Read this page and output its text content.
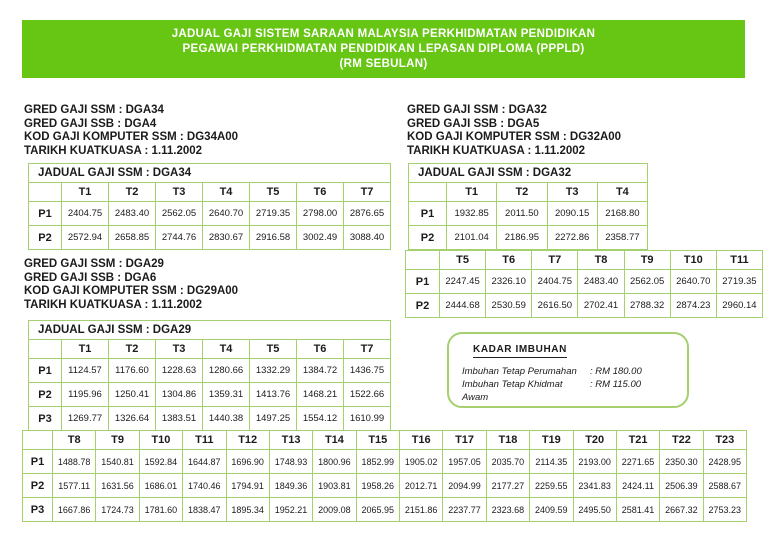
JADUAL GAJI SISTEM SARAAN MALAYSIA PERKHIDMATAN PENDIDIKAN
PEGAWAI PERKHIDMATAN PENDIDIKAN LEPASAN DIPLOMA (PPPLD)
(RM SEBULAN)
GRED GAJI SSM : DGA34
GRED GAJI SSB : DGA4
KOD GAJI KOMPUTER SSM : DG34A00
TARIKH KUATKUASA : 1.11.2002
GRED GAJI SSM : DGA32
GRED GAJI SSB : DGA5
KOD GAJI KOMPUTER SSM : DG32A00
TARIKH KUATKUASA : 1.11.2002
GRED GAJI SSM : DGA29
GRED GAJI SSB : DGA6
KOD GAJI KOMPUTER SSM : DG29A00
TARIKH KUATKUASA : 1.11.2002
JADUAL GAJI SSM : DGA34							
	T1	T2	T3	T4	T5	T6	T7
P1	2404.75	2483.40	2562.05	2640.70	2719.35	2798.00	2876.65
P2	2572.94	2658.85	2744.76	2830.67	2916.58	3002.49	3088.40
JADUAL GAJI SSM : DGA32				
	T1	T2	T3	T4
P1	1932.85	2011.50	2090.15	2168.80
P2	2101.04	2186.95	2272.86	2358.77
	T5	T6	T7	T8	T9	T10	T11
P1	2247.45	2326.10	2404.75	2483.40	2562.05	2640.70	2719.35
P2	2444.68	2530.59	2616.50	2702.41	2788.32	2874.23	2960.14
JADUAL GAJI SSM : DGA29							
	T1	T2	T3	T4	T5	T6	T7
P1	1124.57	1176.60	1228.63	1280.66	1332.29	1384.72	1436.75
P2	1195.96	1250.41	1304.86	1359.31	1413.76	1468.21	1522.66
P3	1269.77	1326.64	1383.51	1440.38	1497.25	1554.12	1610.99
	T8	T9	T10	T11	T12	T13	T14	T15	T16	T17	T18	T19	T20	T21	T22	T23
P1	1488.78	1540.81	1592.84	1644.87	1696.90	1748.93	1800.96	1852.99	1905.02	1957.05	2035.70	2114.35	2193.00	2271.65	2350.30	2428.95
P2	1577.11	1631.56	1686.01	1740.46	1794.91	1849.36	1903.81	1958.26	2012.71	2094.99	2177.27	2259.55	2341.83	2424.11	2506.39	2588.67
P3	1667.86	1724.73	1781.60	1838.47	1895.34	1952.21	2009.08	2065.95	2151.86	2237.77	2323.68	2409.59	2495.50	2581.41	2667.32	2753.23
KADAR IMBUHAN
Imbuhan Tetap Perumahan	: RM 180.00
Imbuhan Tetap Khidmat Awam
: RM 115.00
